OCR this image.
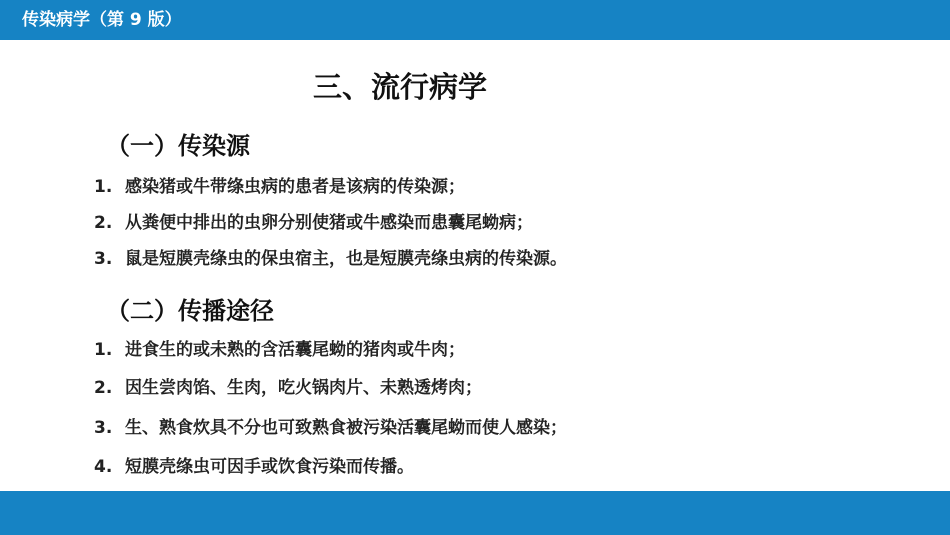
传染病学（第 9 版）
三、流行病学
（一）传染源
1. 感染猪或牛带绦虫病的患者是该病的传染源；
2. 从粪便中排出的虫卵分别使猪或牛感染而患囊尾蚴病；
3. 鼠是短膜壳绦虫的保虫宿主，也是短膜壳绦虫病的传染源。
（二）传播途径
1. 进食生的或未熟的含活囊尾蚴的猪肉或牛肉；
2. 因生尝肉馅、生肉，吃火锅肉片、未熟透烤肉；
3. 生、熟食炊具不分也可致熟食被污染活囊尾蚴而使人感染；
4. 短膜壳绦虫可因手或饮食污染而传播。
